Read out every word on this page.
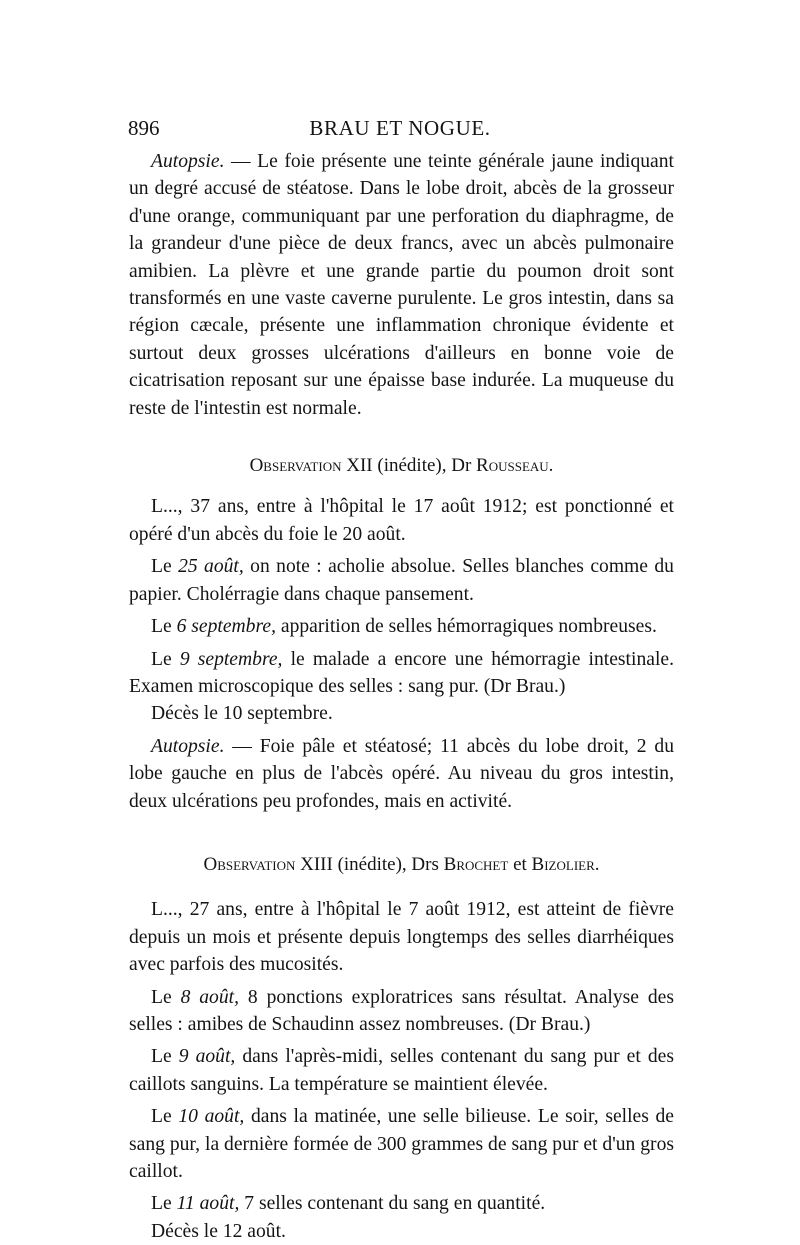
896	BRAU ET NOGUE.

Autopsie. — Le foie présente une teinte générale jaune indiquant un degré accusé de stéatose. Dans le lobe droit, abcès de la grosseur d'une orange, communiquant par une perforation du diaphragme, de la grandeur d'une pièce de deux francs, avec un abcès pulmonaire amibien. La plèvre et une grande partie du poumon droit sont transformés en une vaste caverne purulente. Le gros intestin, dans sa région cæcale, présente une inflammation chronique évidente et surtout deux grosses ulcérations d'ailleurs en bonne voie de cicatrisation reposant sur une épaisse base indurée. La muqueuse du reste de l'intestin est normale.

Observation XII (inédite), Dr Rousseau.

L..., 37 ans, entre à l'hôpital le 17 août 1912; est ponctionné et opéré d'un abcès du foie le 20 août.

Le 25 août, on note : acholie absolue. Selles blanches comme du papier. Cholérragie dans chaque pansement.

Le 6 septembre, apparition de selles hémorragiques nombreuses.

Le 9 septembre, le malade a encore une hémorragie intestinale. Examen microscopique des selles : sang pur. (Dr Brau.)

Décès le 10 septembre.

Autopsie. — Foie pâle et stéatosé; 11 abcès du lobe droit, 2 du lobe gauche en plus de l'abcès opéré. Au niveau du gros intestin, deux ulcérations peu profondes, mais en activité.

Observation XIII (inédite), Drs Brochet et Bizolier.

L..., 27 ans, entre à l'hôpital le 7 août 1912, est atteint de fièvre depuis un mois et présente depuis longtemps des selles diarrhéiques avec parfois des mucosités.

Le 8 août, 8 ponctions exploratrices sans résultat. Analyse des selles : amibes de Schaudinn assez nombreuses. (Dr Brau.)

Le 9 août, dans l'après-midi, selles contenant du sang pur et des caillots sanguins. La température se maintient élevée.

Le 10 août, dans la matinée, une selle bilieuse. Le soir, selles de sang pur, la dernière formée de 300 grammes de sang pur et d'un gros caillot.

Le 11 août, 7 selles contenant du sang en quantité.

Décès le 12 août.
